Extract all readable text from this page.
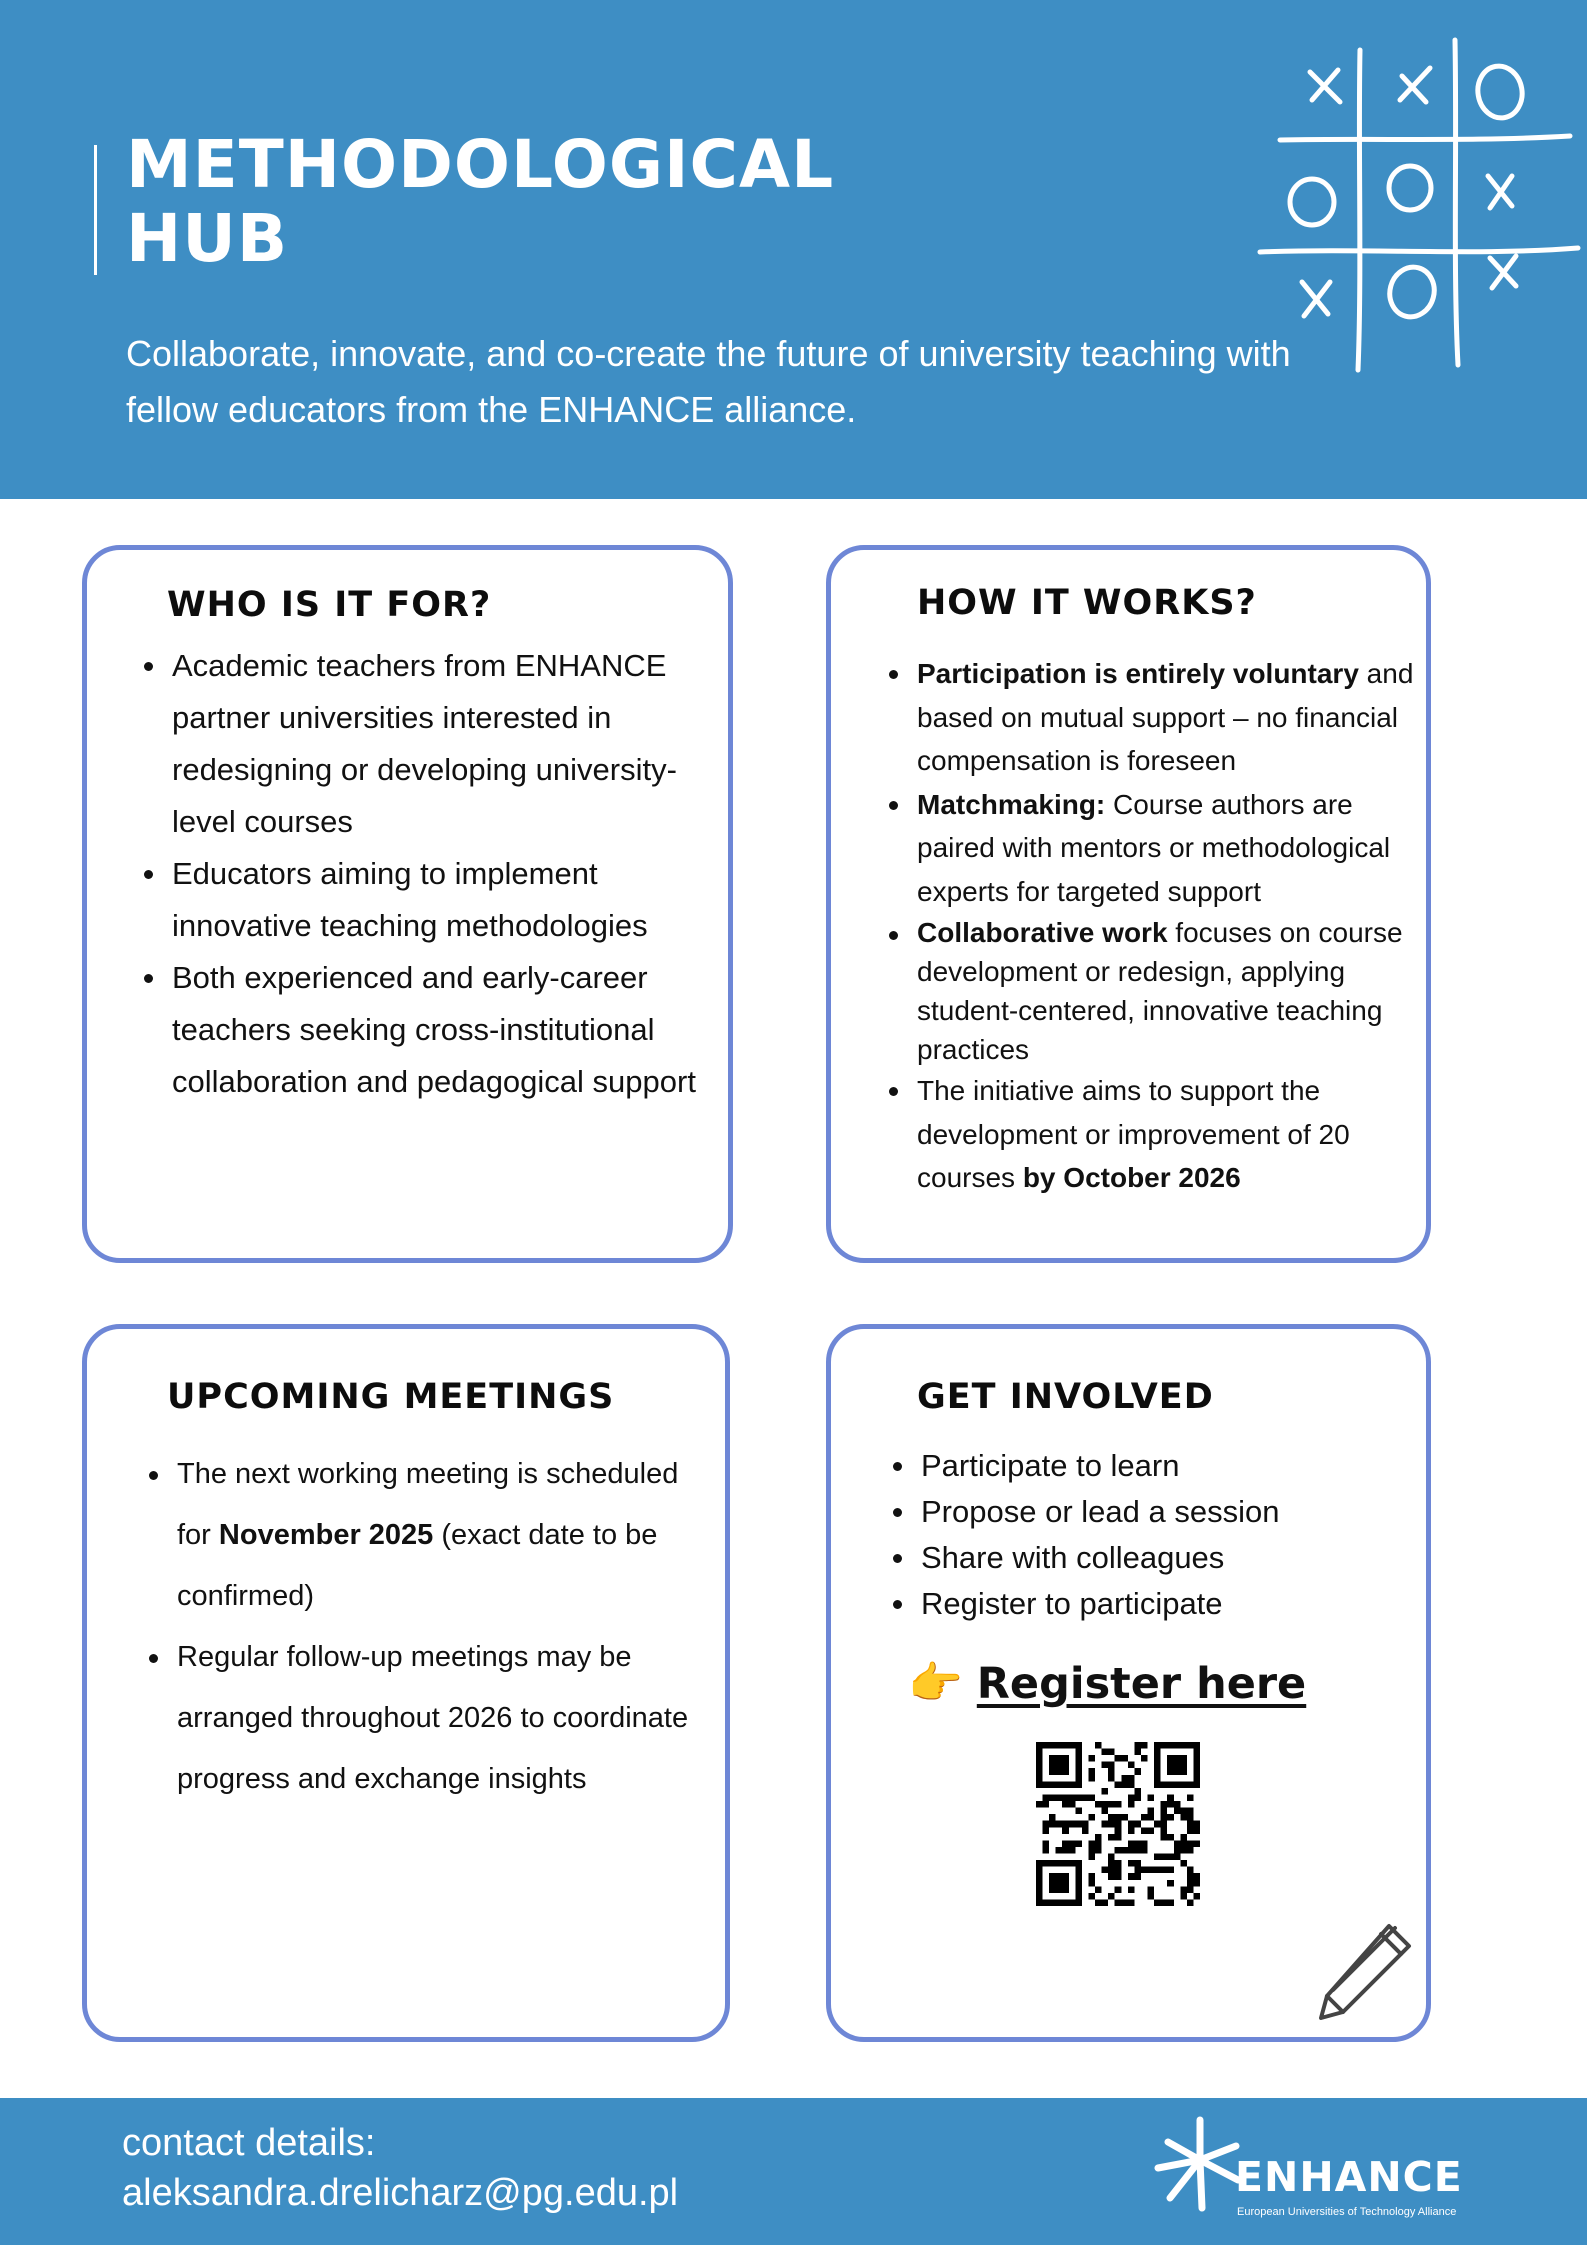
METHODOLOGICAL
HUB

Collaborate, innovate, and co-create the future of university teaching with fellow educators from the ENHANCE alliance.

WHO IS IT FOR?
Academic teachers from ENHANCE partner universities interested in redesigning or developing university-level courses
Educators aiming to implement innovative teaching methodologies
Both experienced and early-career teachers seeking cross-institutional collaboration and pedagogical support
HOW IT WORKS?
Participation is entirely voluntary and based on mutual support – no financial compensation is foreseen
Matchmaking: Course authors are paired with mentors or methodological experts for targeted support
Collaborative work focuses on course development or redesign, applying student-centered, innovative teaching practices
The initiative aims to support the development or improvement of 20 courses by October 2026
UPCOMING MEETINGS
The next working meeting is scheduled for November 2025 (exact date to be confirmed)
Regular follow-up meetings may be arranged throughout 2026 to coordinate progress and exchange insights
GET INVOLVED
Participate to learn
Propose or lead a session
Share with colleagues
Register to participate
👉 Register here
contact details:
aleksandra.drelicharz@pg.edu.pl	ENHANCE
European Universities of Technology Alliance
